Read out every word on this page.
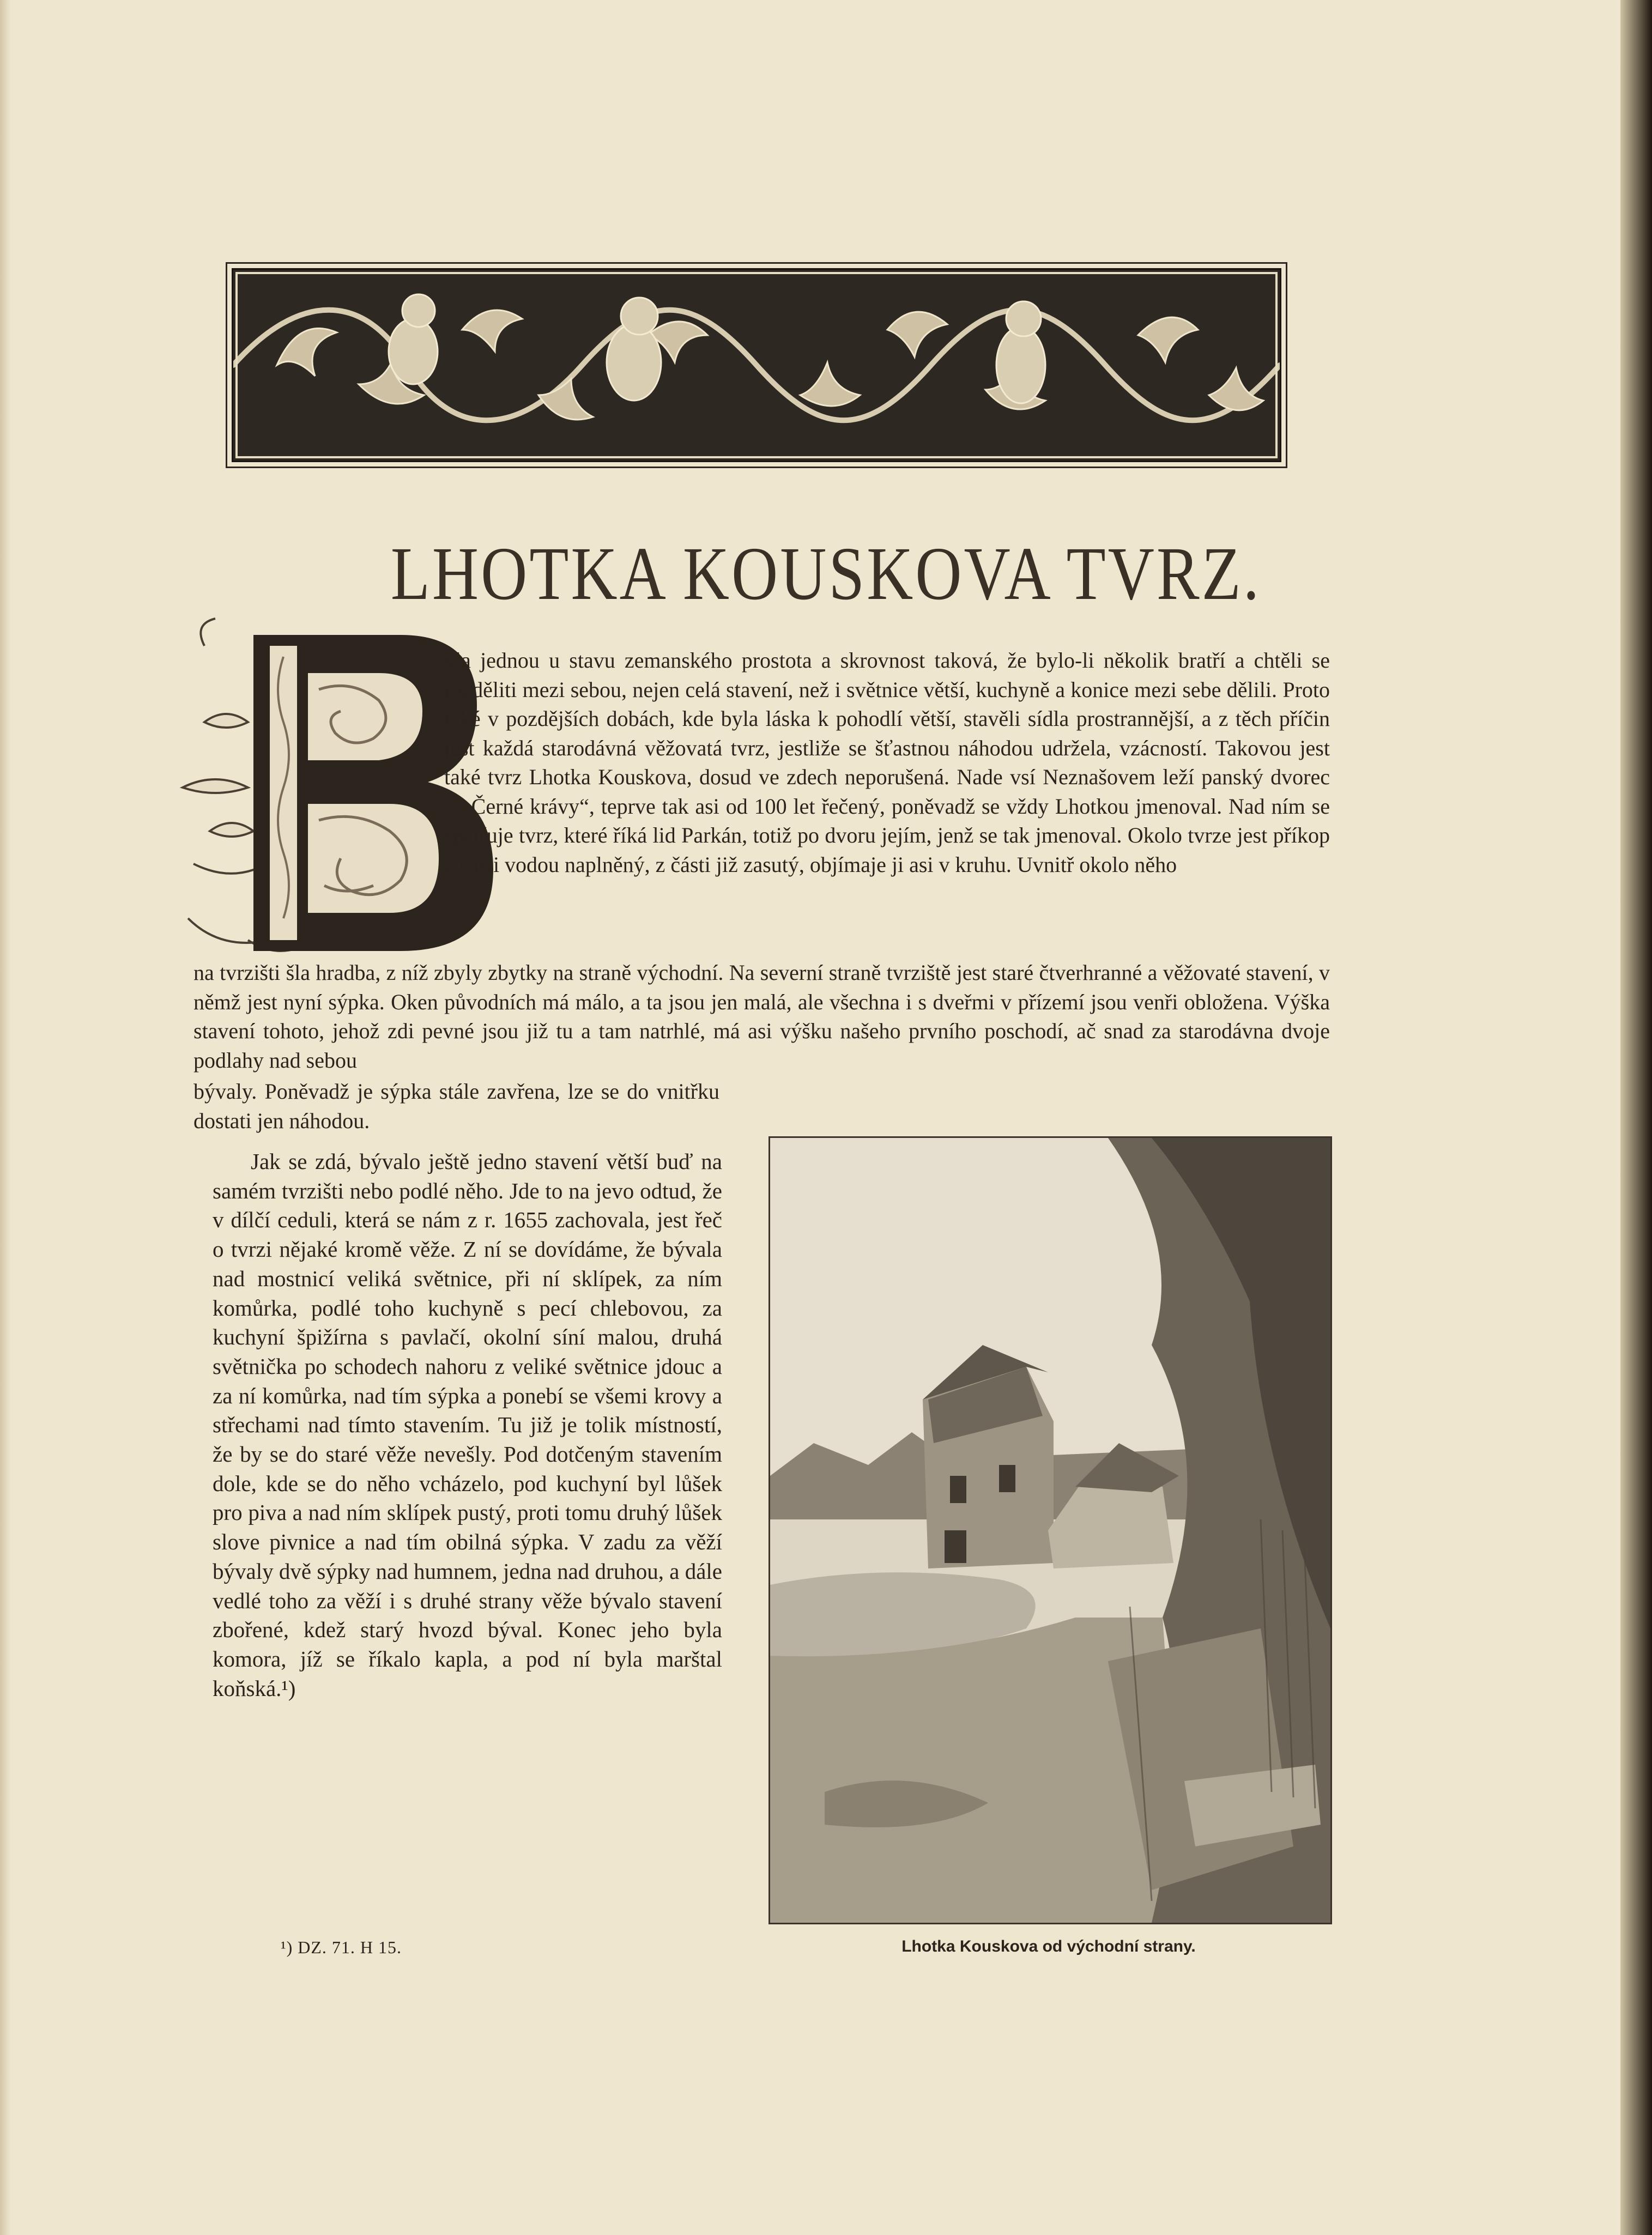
LHOTKA KOUSKOVA TVRZ.

yla jednou u stavu zemanského prostota a skrovnost taková, že bylo-li několik bratří a chtěli se rozděliti mezi sebou, nejen celá stavení, než i světnice větší, kuchyně a konice mezi sebe dělili. Proto také v pozdějších dobách, kde byla láska k pohodlí větší, stavěli sídla prostrannější, a z těch příčin jest každá starodávná věžovatá tvrz, jestliže se šťastnou náhodou udržela, vzácností. Takovou jest také tvrz Lhotka Kouskova, dosud ve zdech neporušená. Nade vsí Neznašovem leží panský dvorec „u Černé krávy“, teprve tak asi od 100 let řečený, poněvadž se vždy Lhotkou jmenoval. Nad ním se spatřuje tvrz, které říká lid Parkán, totiž po dvoru jejím, jenž se tak jmenoval. Okolo tvrze jest příkop z části vodou naplněný, z části již zasutý, objímaje ji asi v kruhu. Uvnitř okolo něho

na tvrzišti šla hradba, z níž zbyly zbytky na straně východní. Na severní straně tvrziště jest staré čtverhranné a věžovaté stavení, v němž jest nyní sýpka. Oken původních má málo, a ta jsou jen malá, ale všechna i s dveřmi v přízemí jsou venři obložena. Výška stavení tohoto, jehož zdi pevné jsou již tu a tam natrhlé, má asi výšku našeho prvního poschodí, ač snad za starodávna dvoje podlahy nad sebou

bývaly. Poněvadž je sýpka stále zavřena, lze se do vnitřku dostati jen náhodou.

Jak se zdá, bývalo ještě jedno stavení větší buď na samém tvrzišti nebo podlé něho. Jde to na jevo odtud, že v dílčí ceduli, která se nám z r. 1655 zachovala, jest řeč o tvrzi nějaké kromě věže. Z ní se dovídáme, že bývala nad mostnicí veliká světnice, při ní sklípek, za ním komůrka, podlé toho kuchyně s pecí chlebovou, za kuchyní špižírna s pavlačí, okolní síní malou, druhá světnička po schodech nahoru z veliké světnice jdouc a za ní komůrka, nad tím sýpka a ponebí se všemi krovy a střechami nad tímto stavením. Tu již je tolik místností, že by se do staré věže nevešly. Pod dotčeným stavením dole, kde se do něho vcházelo, pod kuchyní byl lůšek pro piva a nad ním sklípek pustý, proti tomu druhý lůšek slove pivnice a nad tím obilná sýpka. V zadu za věží bývaly dvě sýpky nad humnem, jedna nad druhou, a dále vedlé toho za věží i s druhé strany věže bývalo stavení zbořené, kdež starý hvozd býval. Konec jeho byla komora, jíž se říkalo kapla, a pod ní byla marštal koňská.¹)

Lhotka Kouskova od východní strany.

¹) DZ. 71. H 15.
